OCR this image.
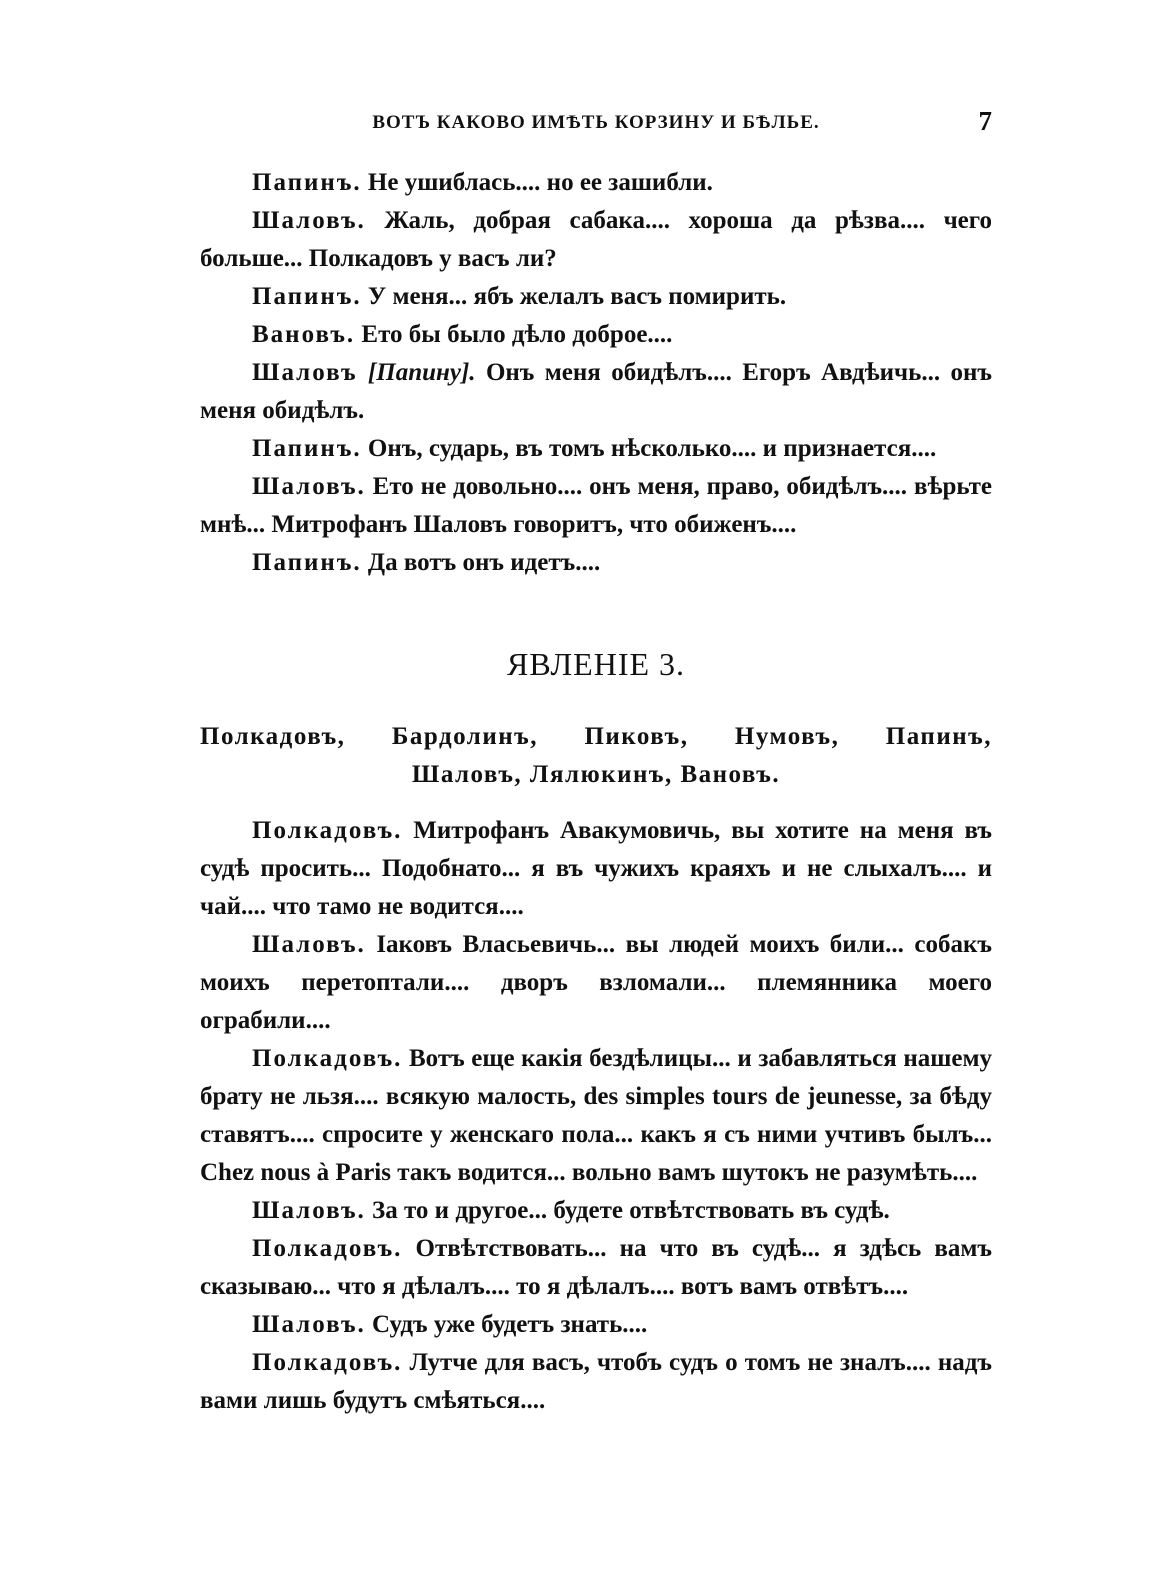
ВОТЪ КАКОВО ИМѢТЬ КОРЗИНУ И БѢЛЬЕ.	7

Папинъ. Не ушиблась.... но ее зашибли.

Шаловъ. Жаль, добрая сабака.... хороша да рѣзва.... чего больше... Полкадовъ у васъ ли?

Папинъ. У меня... ябъ желалъ васъ помирить.

Вановъ. Ето бы было дѣло доброе....

Шаловъ [Папину]. Онъ меня обидѣлъ.... Егоръ Авдѣичь... онъ меня обидѣлъ.

Папинъ. Онъ, сударь, въ томъ нѣсколько.... и признается....

Шаловъ. Ето не довольно.... онъ меня, право, обидѣлъ.... вѣрьте мнѣ... Митрофанъ Шаловъ говоритъ, что обиженъ....

Папинъ. Да вотъ онъ идетъ....

ЯВЛЕНІЕ 3.
Полкадовъ, Бардолинъ, Пиковъ, Нумовъ, Папинъ,
Шаловъ, Лялюкинъ, Вановъ.

Полкадовъ. Митрофанъ Авакумовичь, вы хотите на меня въ судѣ просить... Подобнато... я въ чужихъ краяхъ и не слыхалъ.... и чай.... что тамо не водится....

Шаловъ. Іаковъ Власьевичь... вы людей моихъ били... собакъ моихъ перетоптали.... дворъ взломали... племянника моего ограбили....

Полкадовъ. Вотъ еще какія бездѣлицы... и забавляться нашему брату не льзя.... всякую малость, des simples tours de jeunesse, за бѣду ставятъ.... спросите у женскаго пола... какъ я съ ними учтивъ былъ... Chez nous à Paris такъ водится... вольно вамъ шутокъ не разумѣть....

Шаловъ. За то и другое... будете отвѣтствовать въ судѣ.

Полкадовъ. Отвѣтствовать... на что въ судѣ... я здѣсь вамъ сказываю... что я дѣлалъ.... то я дѣлалъ.... вотъ вамъ отвѣтъ....

Шаловъ. Судъ уже будетъ знать....

Полкадовъ. Лутче для васъ, чтобъ судъ о томъ не зналъ.... надъ вами лишь будутъ смѣяться....
